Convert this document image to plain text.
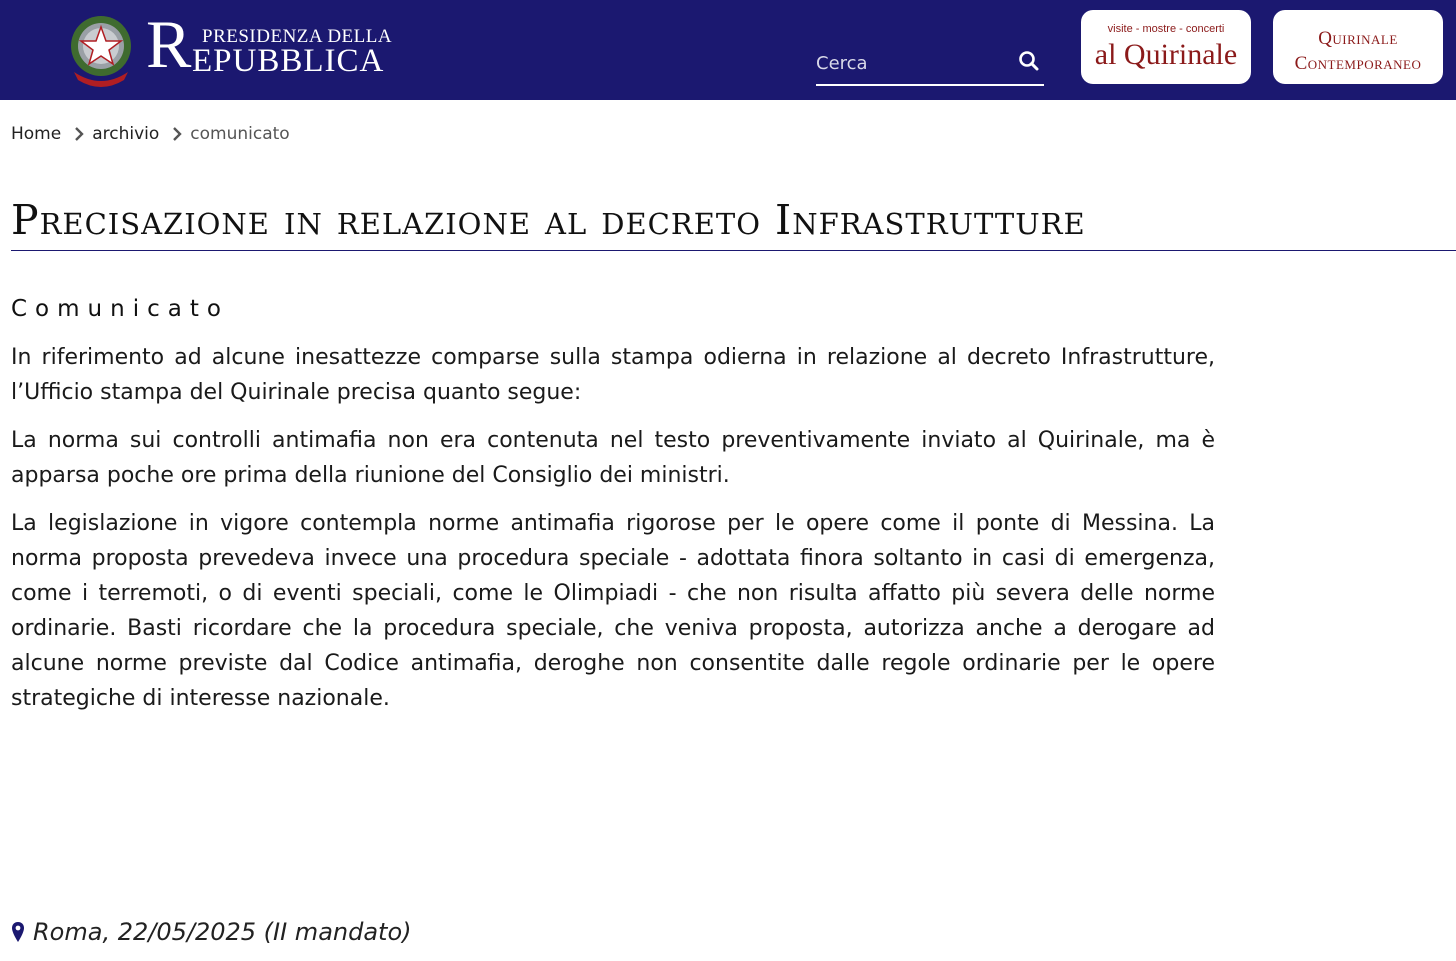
R PRESIDENZA DELLA
EPUBBLICA
Cerca
visite - mostre - concerti
al Quirinale	Quirinale
Contemporaneo
Home archivio comunicato
Precisazione in relazione al decreto Infrastrutture
Comunicato

In riferimento ad alcune inesattezze comparse sulla stampa odierna in relazione al decreto Infrastrutture, l’Ufficio stampa del Quirinale precisa quanto segue:

La norma sui controlli antimafia non era contenuta nel testo preventivamente inviato al Quirinale, ma è apparsa poche ore prima della riunione del Consiglio dei ministri.

La legislazione in vigore contempla norme antimafia rigorose per le opere come il ponte di Messina. La norma proposta prevedeva invece una procedura speciale - adottata finora soltanto in casi di emergenza, come i terremoti, o di eventi speciali, come le Olimpiadi - che non risulta affatto più severa delle norme ordinarie. Basti ricordare che la procedura speciale, che veniva proposta, autorizza anche a derogare ad alcune norme previste dal Codice antimafia, deroghe non consentite dalle regole ordinarie per le opere strategiche di interesse nazionale.

Roma, 22/05/2025 (II mandato)
